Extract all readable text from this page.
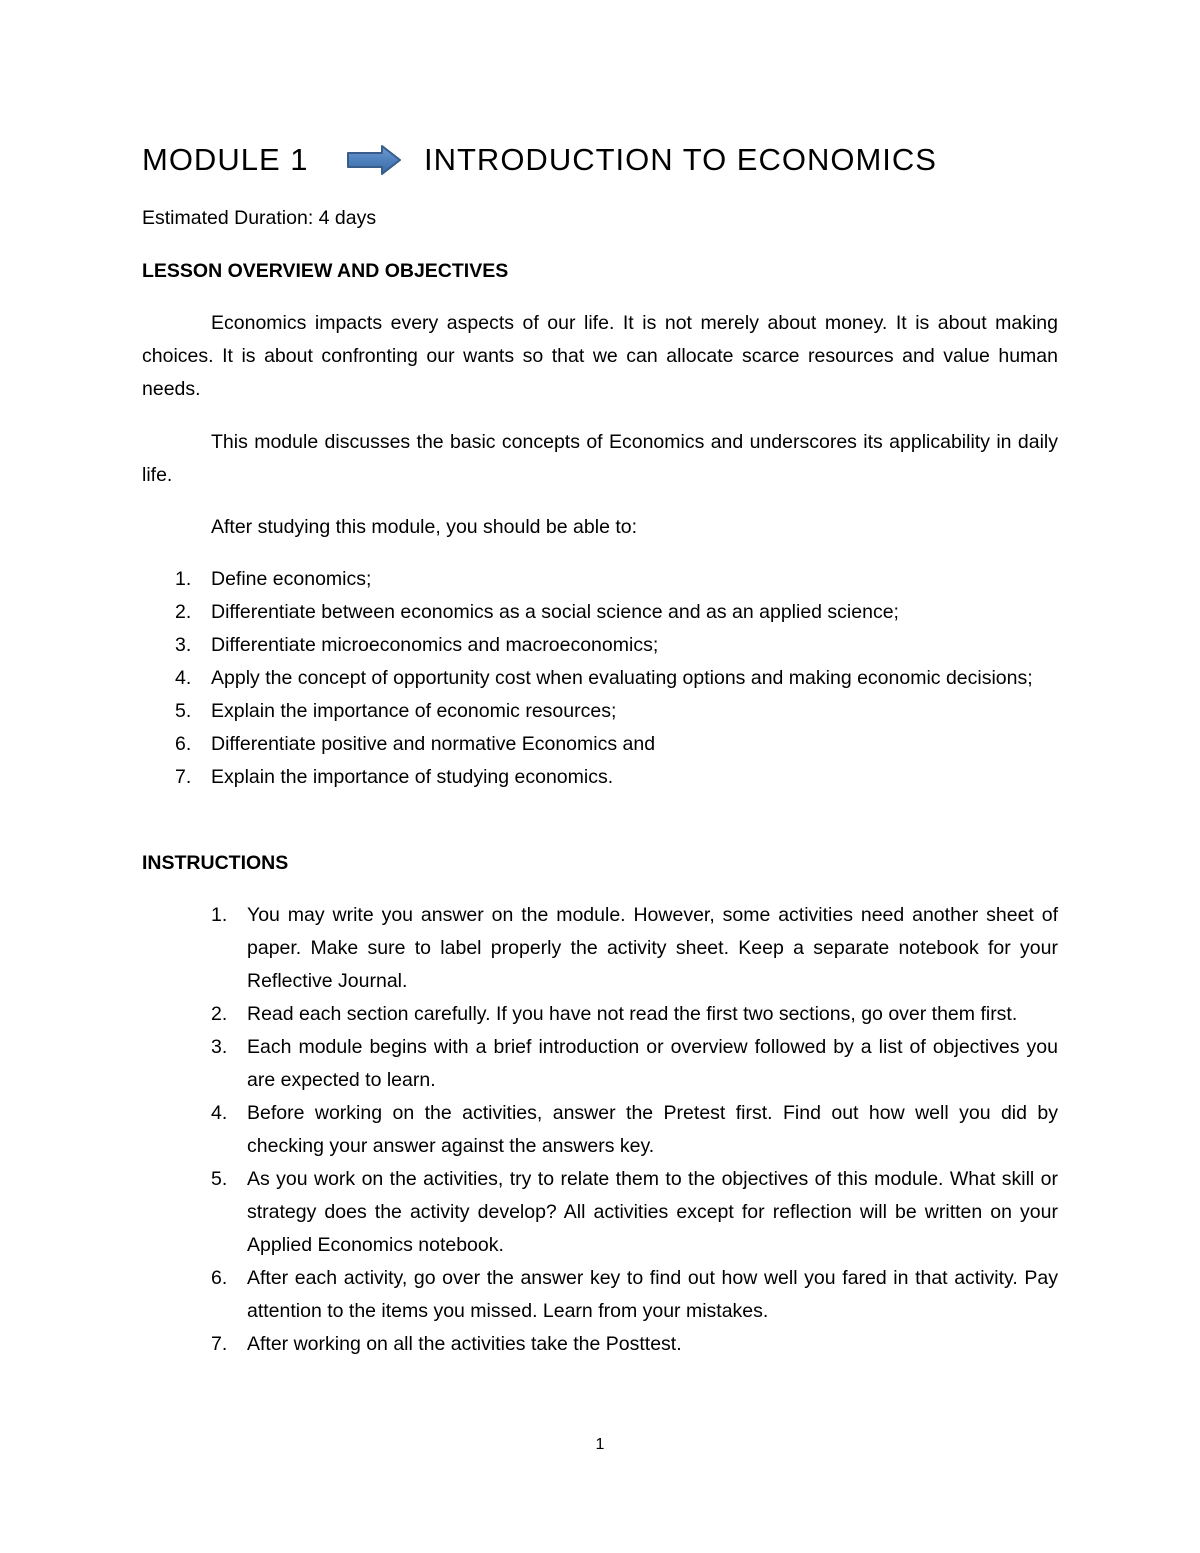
MODULE 1	INTRODUCTION TO ECONOMICS
Estimated Duration: 4 days
LESSON OVERVIEW AND OBJECTIVES

Economics impacts every aspects of our life. It is not merely about money. It is about making choices. It is about confronting our wants so that we can allocate scarce resources and value human needs.

This module discusses the basic concepts of Economics and underscores its applicability in daily life.

After studying this module, you should be able to:

1. Define economics;
2. Differentiate between economics as a social science and as an applied science;
3. Differentiate microeconomics and macroeconomics;
4. Apply the concept of opportunity cost when evaluating options and making economic decisions;
5. Explain the importance of economic resources;
6. Differentiate positive and normative Economics and
7. Explain the importance of studying economics.
INSTRUCTIONS
1. You may write you answer on the module. However, some activities need another sheet of paper. Make sure to label properly the activity sheet. Keep a separate notebook for your Reflective Journal.
2. Read each section carefully. If you have not read the first two sections, go over them first.
3. Each module begins with a brief introduction or overview followed by a list of objectives you are expected to learn.
4. Before working on the activities, answer the Pretest first. Find out how well you did by checking your answer against the answers key.
5. As you work on the activities, try to relate them to the objectives of this module. What skill or strategy does the activity develop? All activities except for reflection will be written on your Applied Economics notebook.
6. After each activity, go over the answer key to find out how well you fared in that activity. Pay attention to the items you missed. Learn from your mistakes.
7. After working on all the activities take the Posttest.
1
